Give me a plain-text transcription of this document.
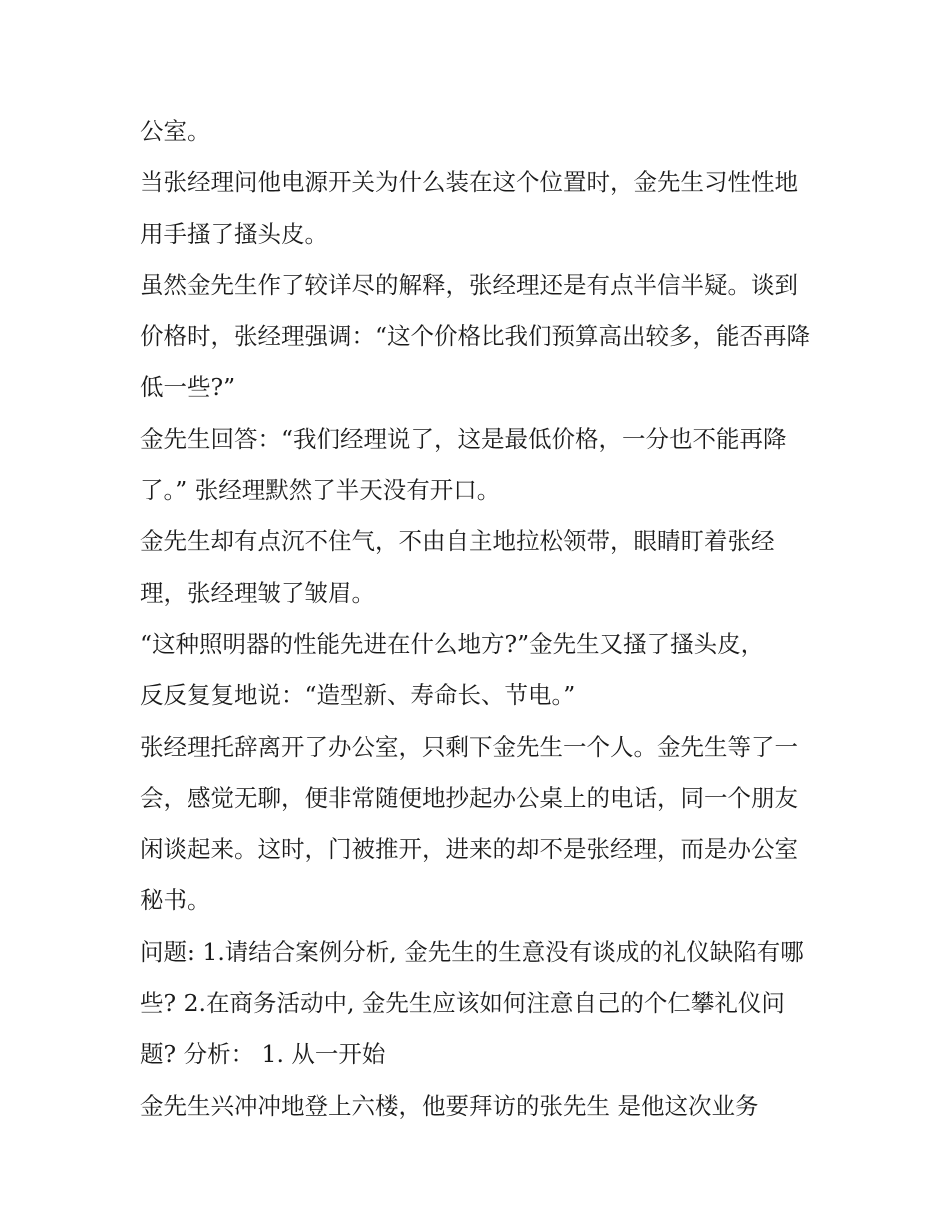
公室。

当张经理问他电源开关为什么装在这个位置时，金先生习性性地用手搔了搔头皮。

虽然金先生作了较详尽的解释，张经理还是有点半信半疑。谈到价格时，张经理强调：“这个价格比我们预算高出较多，能否再降低一些?”

金先生回答：“我们经理说了，这是最低价格，一分也不能再降了。” 张经理默然了半天没有开口。

金先生却有点沉不住气，不由自主地拉松领带，眼睛盯着张经理，张经理皱了皱眉。

“这种照明器的性能先进在什么地方?”金先生又搔了搔头皮，

反反复复地说：“造型新、寿命长、节电。”

张经理托辞离开了办公室，只剩下金先生一个人。金先生等了一会，感觉无聊，便非常随便地抄起办公桌上的电话，同一个朋友闲谈起来。这时，门被推开，进来的却不是张经理，而是办公室秘书。

问题: 1.请结合案例分析, 金先生的生意没有谈成的礼仪缺陷有哪些? 2.在商务活动中, 金先生应该如何注意自己的个仁攀礼仪问题? 分析： 1. 从一开始

金先生兴冲冲地登上六楼，他要拜访的张先生 是他这次业务
